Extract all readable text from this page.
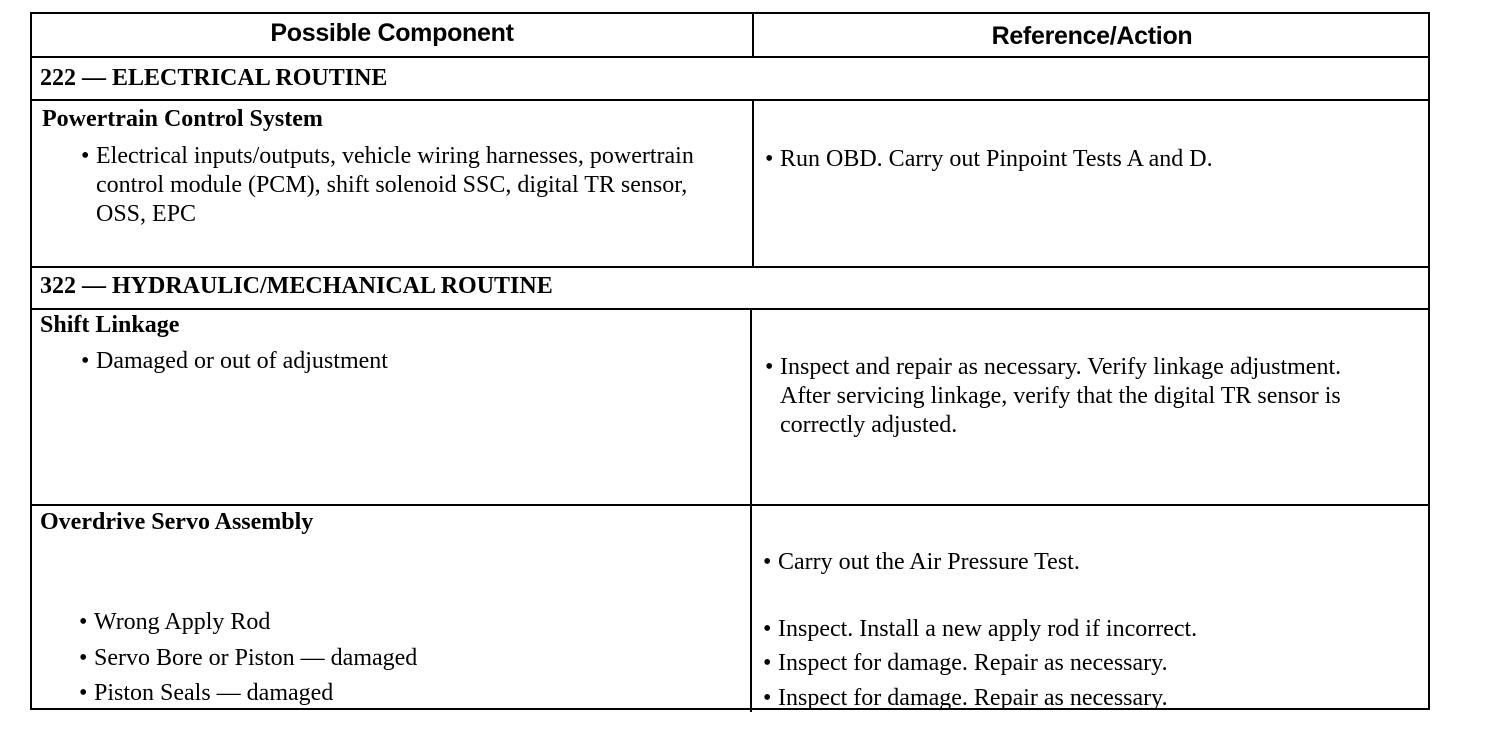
Possible Component	Reference/Action
222 — ELECTRICAL ROUTINE
Powertrain Control System
• Electrical inputs/outputs, vehicle wiring harnesses, powertrain control module (PCM), shift solenoid SSC, digital TR sensor, OSS, EPC
• Run OBD. Carry out Pinpoint Tests A and D.
322 — HYDRAULIC/MECHANICAL ROUTINE
Shift Linkage
• Damaged or out of adjustment	• Inspect and repair as necessary. Verify linkage adjustment. After servicing linkage, verify that the digital TR sensor is correctly adjusted.
Overdrive Servo Assembly
• Wrong Apply Rod
• Servo Bore or Piston — damaged
• Piston Seals — damaged
• Carry out the Air Pressure Test.
• Inspect. Install a new apply rod if incorrect.
• Inspect for damage. Repair as necessary.
• Inspect for damage. Repair as necessary.
